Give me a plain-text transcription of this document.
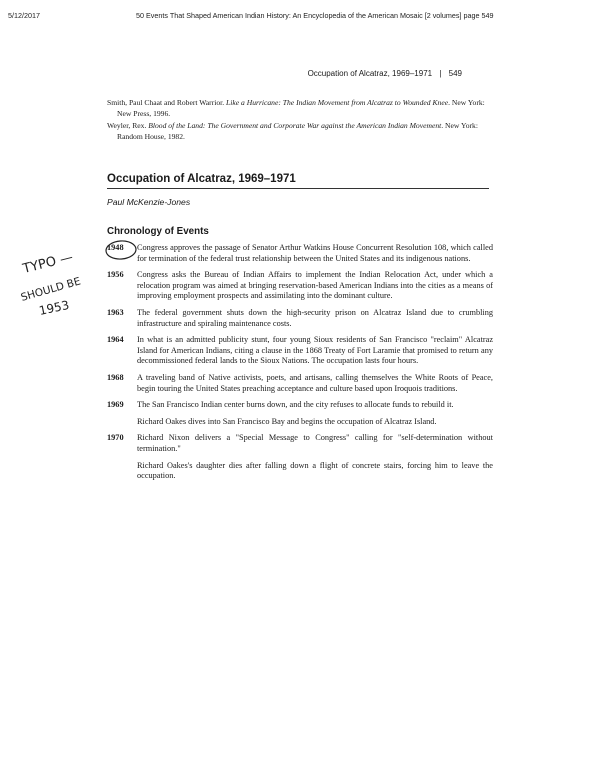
5/12/2017	50 Events That Shaped American Indian History: An Encyclopedia of the American Mosaic [2 volumes] page 549
Occupation of Alcatraz, 1969–1971 | 549
Smith, Paul Chaat and Robert Warrior. Like a Hurricane: The Indian Movement from Alcatraz to Wounded Knee. New York: New Press, 1996.
Weyler, Rex. Blood of the Land: The Government and Corporate War against the American Indian Movement. New York: Random House, 1982.
Occupation of Alcatraz, 1969–1971
Paul McKenzie-Jones
Chronology of Events
1948	Congress approves the passage of Senator Arthur Watkins House Concurrent Resolution 108, which called for termination of the federal trust relationship between the United States and its indigenous nations.

1956	Congress asks the Bureau of Indian Affairs to implement the Indian Relocation Act, under which a relocation program was aimed at bringing reservation-based American Indians into the cities as a means of improving employment prospects and assimilating into the dominant culture.

1963	The federal government shuts down the high-security prison on Alcatraz Island due to crumbling infrastructure and spiraling maintenance costs.

1964	In what is an admitted publicity stunt, four young Sioux residents of San Francisco "reclaim" Alcatraz Island for American Indians, citing a clause in the 1868 Treaty of Fort Laramie that promised to return any decommissioned federal lands to the Sioux Nations. The occupation lasts four hours.

1968	A traveling band of Native activists, poets, and artisans, calling themselves the White Roots of Peace, begin touring the United States preaching acceptance and culture based upon Iroquois traditions.

1969	The San Francisco Indian center burns down, and the city refuses to allocate funds to rebuild it.

Richard Oakes dives into San Francisco Bay and begins the occupation of Alcatraz Island.

1970	Richard Nixon delivers a "Special Message to Congress" calling for "self-determination without termination."

Richard Oakes's daughter dies after falling down a flight of concrete stairs, forcing him to leave the occupation.

TYPO —
SHOULD BE
1953
